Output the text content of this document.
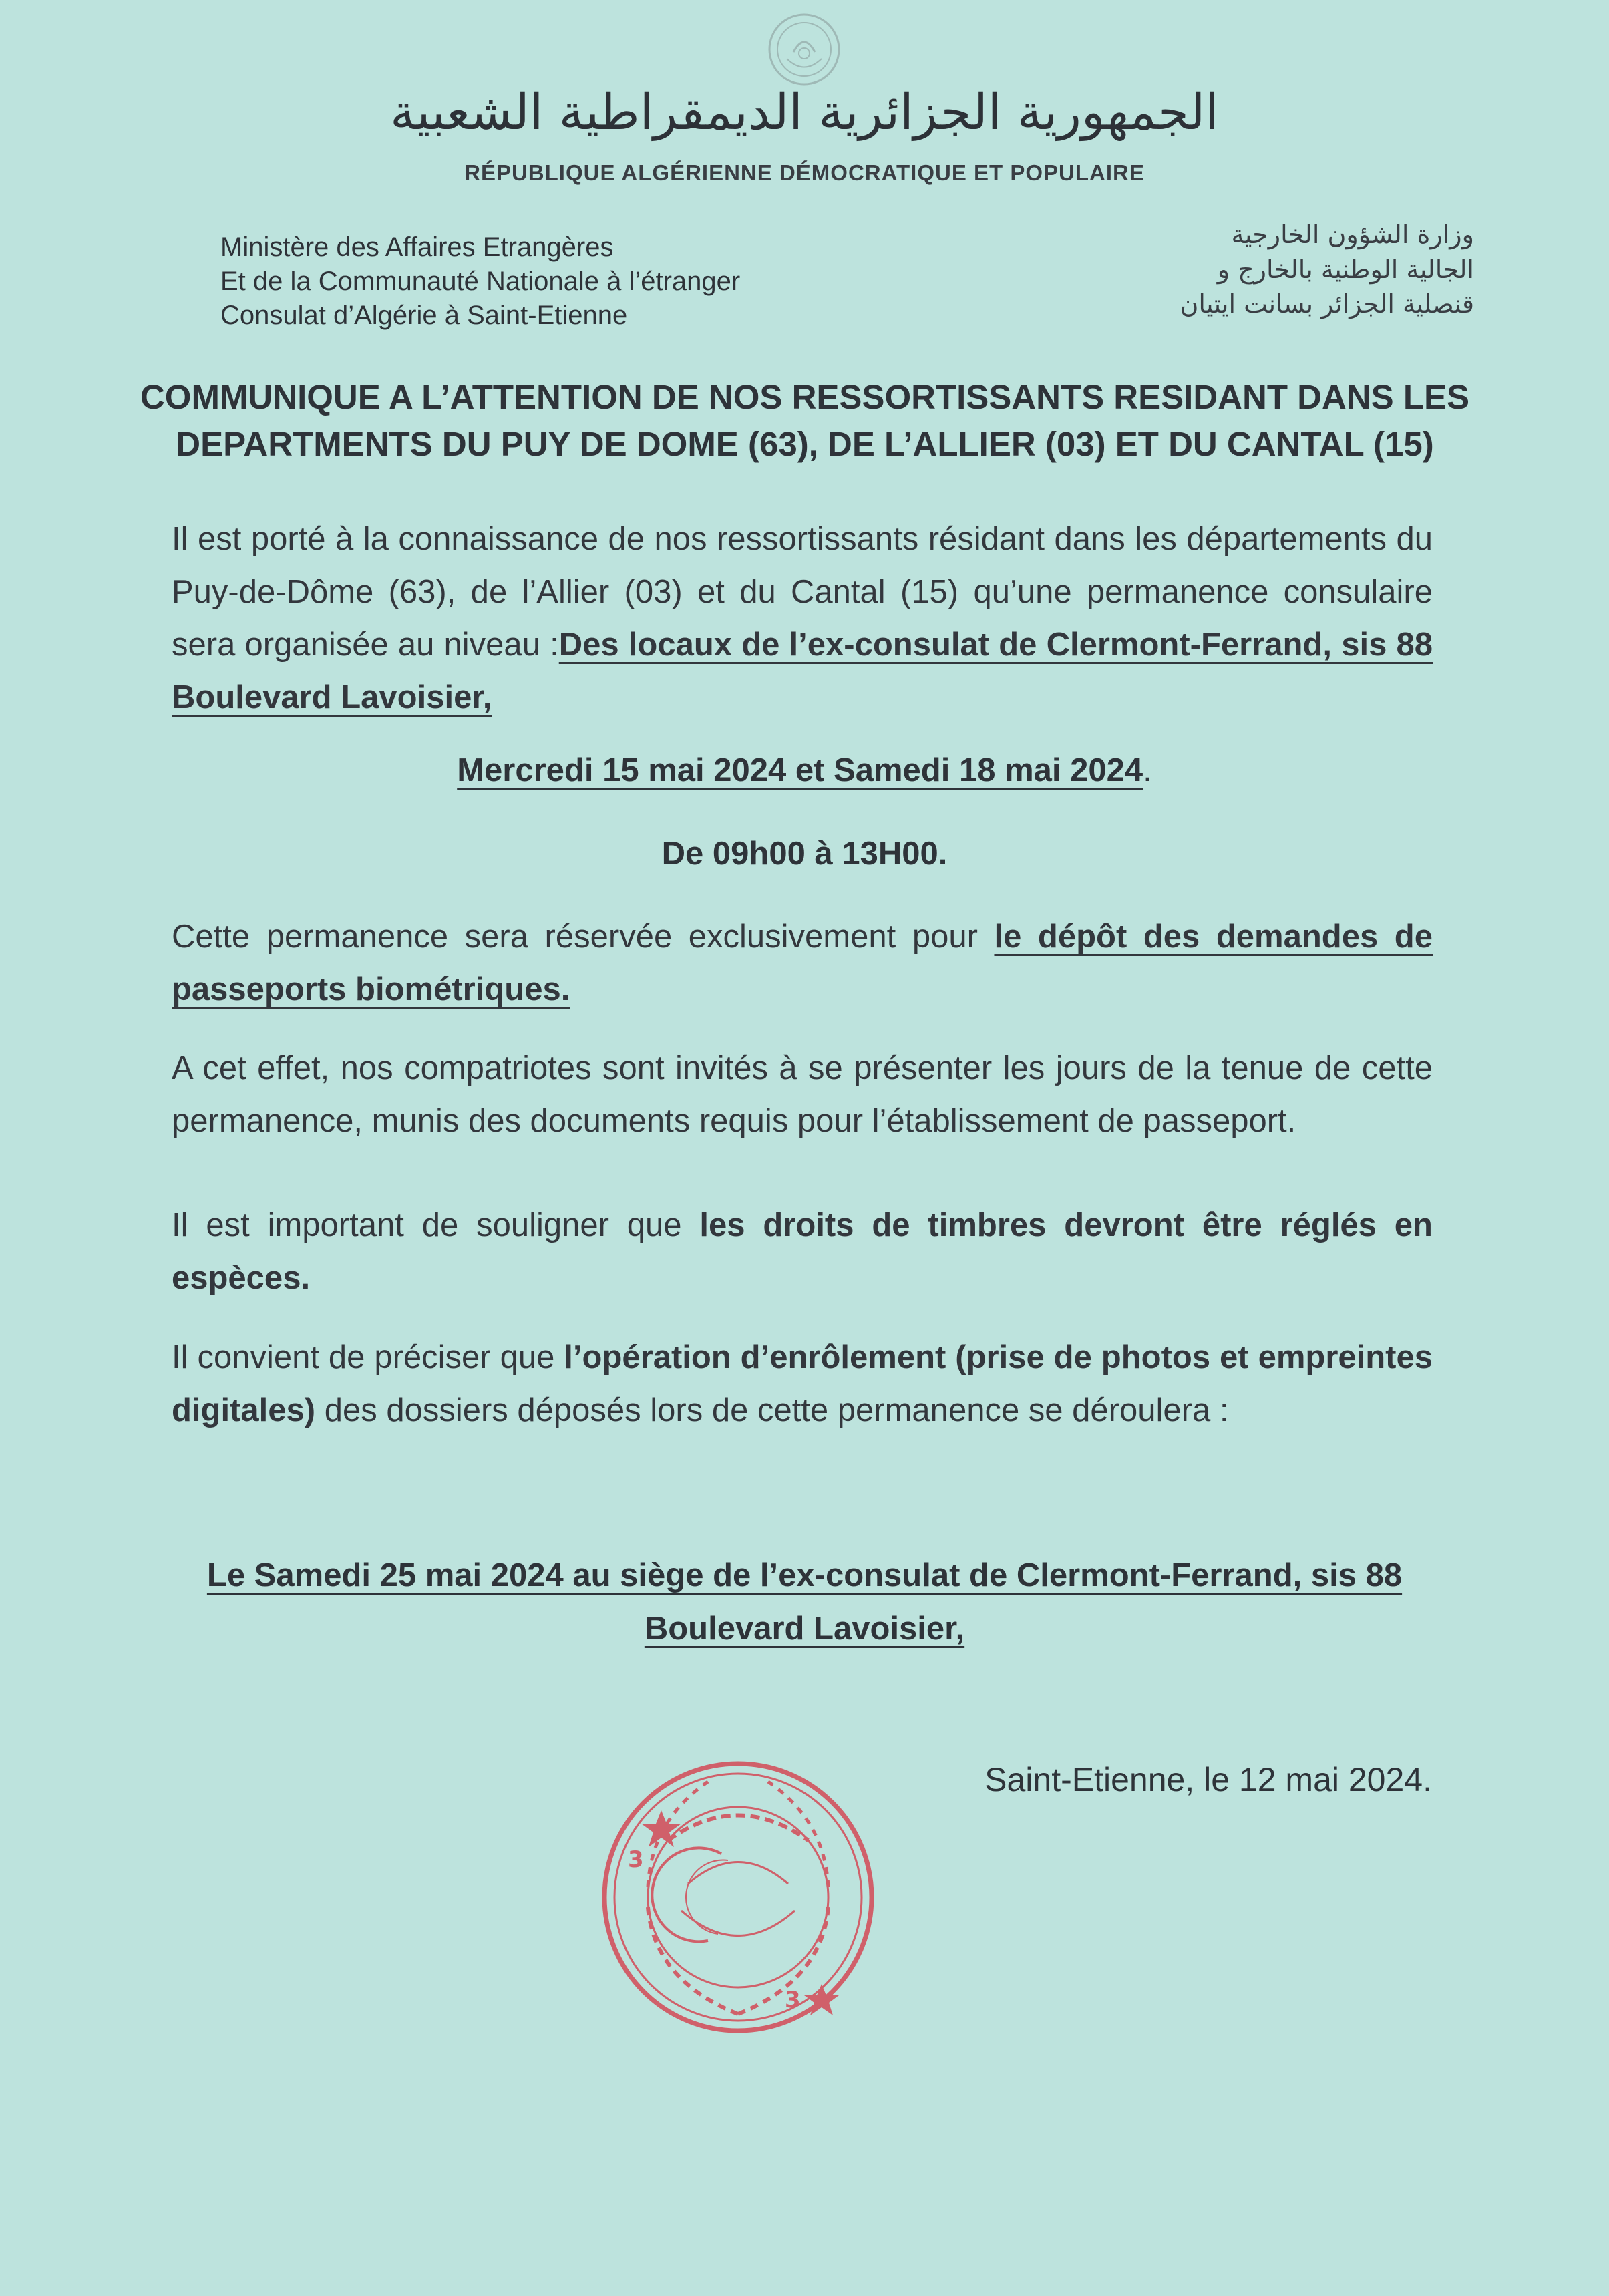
الجمهورية الجزائرية الديمقراطية الشعبية
RÉPUBLIQUE ALGÉRIENNE DÉMOCRATIQUE ET POPULAIRE
Ministère des Affaires Etrangères
Et de la Communauté Nationale à l’étranger
Consulat d’Algérie à Saint-Etienne
وزارة الشؤون الخارجية
الجالية الوطنية بالخارج و
قنصلية الجزائر بسانت ايتيان
COMMUNIQUE A L’ATTENTION DE NOS RESSORTISSANTS RESIDANT DANS LES
DEPARTMENTS DU PUY DE DOME (63), DE L’ALLIER (03) ET DU CANTAL (15)
Il est porté à la connaissance de nos ressortissants résidant dans les départements du Puy-de-Dôme (63), de l’Allier (03) et du Cantal (15) qu’une permanence consulaire sera organisée au niveau :Des locaux de l’ex-consulat de Clermont-Ferrand, sis 88 Boulevard Lavoisier,
Mercredi 15 mai 2024 et Samedi 18 mai 2024.
De 09h00 à 13H00.
Cette permanence sera réservée exclusivement pour le dépôt des demandes de passeports biométriques.
A cet effet, nos compatriotes sont invités à se présenter les jours de la tenue de cette permanence, munis des documents requis pour l’établissement de passeport.
Il est important de souligner que les droits de timbres devront être réglés en espèces.
Il convient de préciser que l’opération d’enrôlement (prise de photos et empreintes digitales) des dossiers déposés lors de cette permanence se déroulera :
Le Samedi 25 mai 2024 au siège de l’ex-consulat de Clermont-Ferrand, sis 88
Boulevard Lavoisier,
3
3
Saint-Etienne, le 12 mai 2024.
